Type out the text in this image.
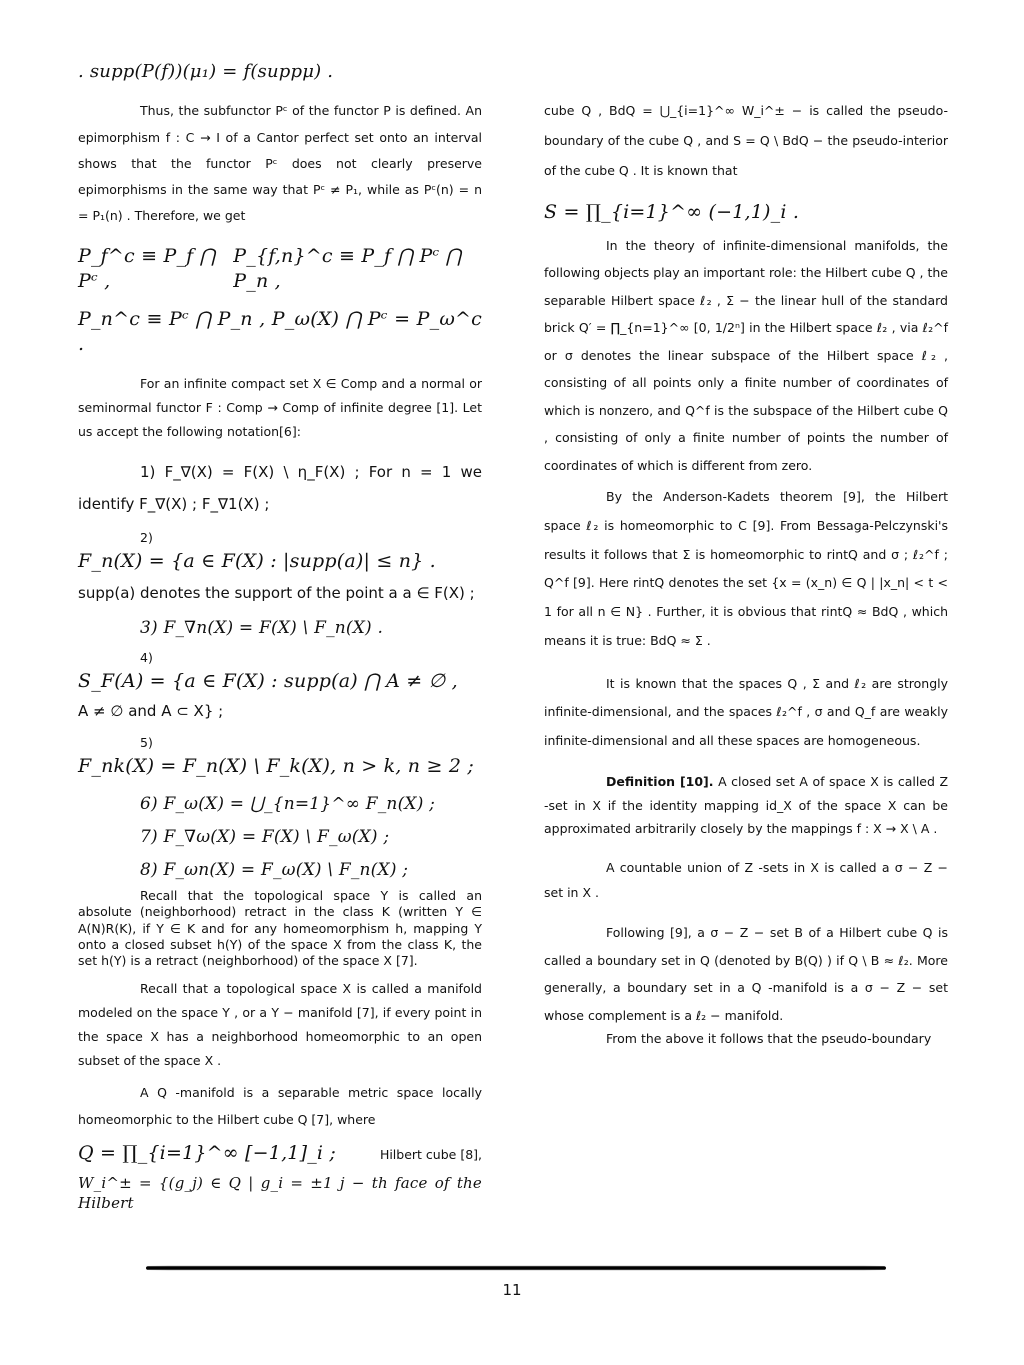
. supp(P(f))(μ₁) = f(suppμ) .

Thus, the subfunctor Pᶜ of the functor P is defined. An epimorphism f : C → I of a Cantor perfect set onto an interval shows that the functor Pᶜ does not clearly preserve epimorphisms in the same way that Pᶜ ≠ P₁, while as Pᶜ(n) = n = P₁(n) . Therefore, we get

P_f^c ≡ P_f ⋂ Pᶜ ,
P_{f,n}^c ≡ P_f ⋂ Pᶜ ⋂ P_n ,

P_n^c ≡ Pᶜ ⋂ P_n , P_ω(X) ⋂ Pᶜ = P_ω^c .

For an infinite compact set X ∈ Comp and a normal or seminormal functor F : Comp → Comp of infinite degree [1]. Let us accept the following notation[6]:

1) F_∇(X) = F(X) \ η_F(X) ; For n = 1 we identify F_∇(X) ; F_∇1(X) ;

2)

F_n(X) = {a ∈ F(X) : |supp(a)| ≤ n} .

supp(a) denotes the support of the point a a ∈ F(X) ;

3) F_∇n(X) = F(X) \ F_n(X) .

4)

S_F(A) = {a ∈ F(X) : supp(a) ⋂ A ≠ ∅ ,

A ≠ ∅ and A ⊂ X} ;

5)

F_nk(X) = F_n(X) \ F_k(X), n > k, n ≥ 2 ;

6) F_ω(X) = ⋃_{n=1}^∞ F_n(X) ;

7) F_∇ω(X) = F(X) \ F_ω(X) ;

8) F_ωn(X) = F_ω(X) \ F_n(X) ;

Recall that the topological space Y is called an absolute (neighborhood) retract in the class K (written Y ∈ A(N)R(K), if Y ∈ K and for any homeomorphism h, mapping Y onto a closed subset h(Y) of the space X from the class K, the set h(Y) is a retract (neighborhood) of the space X [7].

Recall that a topological space X is called a manifold modeled on the space Y , or a Y − manifold [7], if every point in the space X has a neighborhood homeomorphic to an open subset of the space X .

A Q -manifold is a separable metric space locally homeomorphic to the Hilbert cube Q [7], where

Q = ∏_{i=1}^∞ [−1,1]_i ;	Hilbert cube [8],

W_i^± = {(g_j) ∈ Q | g_i = ±1 j − th face of the Hilbert

cube Q , BdQ = ⋃_{i=1}^∞ W_i^± − is called the pseudo-boundary of the cube Q , and S = Q \ BdQ − the pseudo-interior of the cube Q . It is known that

S = ∏_{i=1}^∞ (−1,1)_i .

In the theory of infinite-dimensional manifolds, the following objects play an important role: the Hilbert cube Q , the separable Hilbert space ℓ₂ , Σ − the linear hull of the standard brick Q′ = ∏_{n=1}^∞ [0, 1/2ⁿ] in the Hilbert space ℓ₂ , via ℓ₂^f or σ denotes the linear subspace of the Hilbert space ℓ₂ , consisting of all points only a finite number of coordinates of which is nonzero, and Q^f is the subspace of the Hilbert cube Q , consisting of only a finite number of points the number of coordinates of which is different from zero.

By the Anderson-Kadets theorem [9], the Hilbert space ℓ₂ is homeomorphic to C [9]. From Bessaga-Pelczynski's results it follows that Σ is homeomorphic to rintQ and σ ; ℓ₂^f ; Q^f [9]. Here rintQ denotes the set {x = (x_n) ∈ Q | |x_n| < t < 1 for all n ∈ N} . Further, it is obvious that rintQ ≈ BdQ , which means it is true: BdQ ≈ Σ .

It is known that the spaces Q , Σ and ℓ₂ are strongly infinite-dimensional, and the spaces ℓ₂^f , σ and Q_f are weakly infinite-dimensional and all these spaces are homogeneous.

Definition [10]. A closed set A of space X is called Z -set in X if the identity mapping id_X of the space X can be approximated arbitrarily closely by the mappings f : X → X \ A .

A countable union of Z -sets in X is called a σ − Z − set in X .

Following [9], a σ − Z − set B of a Hilbert cube Q is called a boundary set in Q (denoted by B(Q) ) if Q \ B ≈ ℓ₂. More generally, a boundary set in a Q -manifold is a σ − Z − set whose complement is a ℓ₂ − manifold.

From the above it follows that the pseudo-boundary

11
